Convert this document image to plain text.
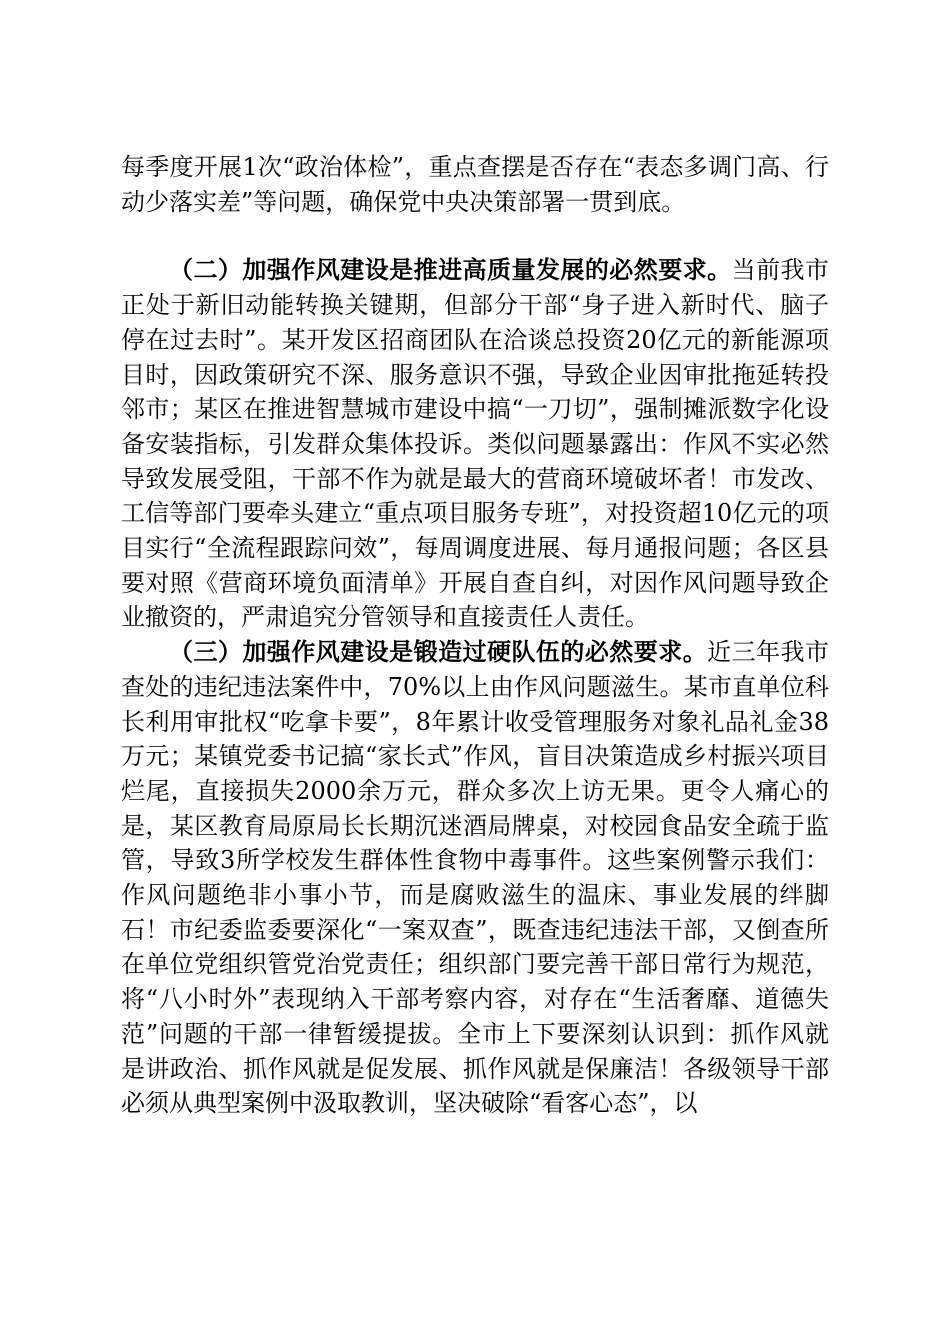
每季度开展1次“政治体检”，重点查摆是否存在“表态多调门高、行动少落实差”等问题，确保党中央决策部署一贯到底。

（二）加强作风建设是推进高质量发展的必然要求。当前我市正处于新旧动能转换关键期，但部分干部“身子进入新时代、脑子停在过去时”。某开发区招商团队在洽谈总投资20亿元的新能源项目时，因政策研究不深、服务意识不强，导致企业因审批拖延转投邻市；某区在推进智慧城市建设中搞“一刀切”，强制摊派数字化设备安装指标，引发群众集体投诉。类似问题暴露出：作风不实必然导致发展受阻，干部不作为就是最大的营商环境破坏者！市发改、工信等部门要牵头建立“重点项目服务专班”，对投资超10亿元的项目实行“全流程跟踪问效”，每周调度进展、每月通报问题；各区县要对照《营商环境负面清单》开展自查自纠，对因作风问题导致企业撤资的，严肃追究分管领导和直接责任人责任。

（三）加强作风建设是锻造过硬队伍的必然要求。近三年我市查处的违纪违法案件中，70%以上由作风问题滋生。某市直单位科长利用审批权“吃拿卡要”，8年累计收受管理服务对象礼品礼金38万元；某镇党委书记搞“家长式”作风，盲目决策造成乡村振兴项目烂尾，直接损失2000余万元，群众多次上访无果。更令人痛心的是，某区教育局原局长长期沉迷酒局牌桌，对校园食品安全疏于监管，导致3所学校发生群体性食物中毒事件。这些案例警示我们：作风问题绝非小事小节，而是腐败滋生的温床、事业发展的绊脚石！市纪委监委要深化“一案双查”，既查违纪违法干部，又倒查所在单位党组织管党治党责任；组织部门要完善干部日常行为规范，将“八小时外”表现纳入干部考察内容，对存在“生活奢靡、道德失范”问题的干部一律暂缓提拔。全市上下要深刻认识到：抓作风就是讲政治、抓作风就是促发展、抓作风就是保廉洁！各级领导干部必须从典型案例中汲取教训，坚决破除“看客心态”，以
